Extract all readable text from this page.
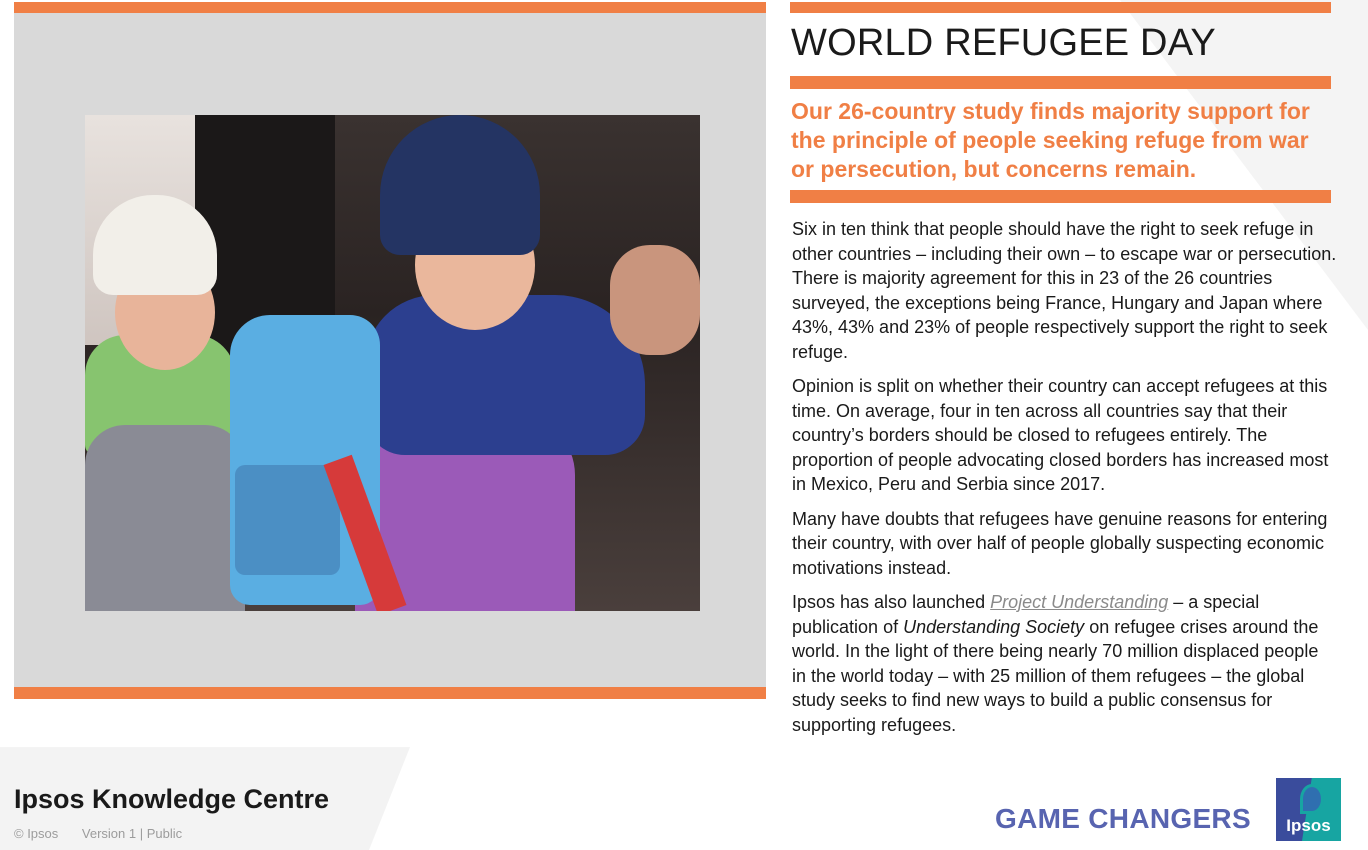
WORLD REFUGEE DAY
Our 26-country study finds majority support for the principle of people seeking refuge from war or persecution, but concerns remain.

Six in ten think that people should have the right to seek refuge in other countries – including their own – to escape war or persecution. There is majority agreement for this in 23 of the 26 countries surveyed, the exceptions being France, Hungary and Japan where 43%, 43% and 23% of people respectively support the right to seek refuge.

Opinion is split on whether their country can accept refugees at this time. On average, four in ten across all countries say that their country’s borders should be closed to refugees entirely. The proportion of people advocating closed borders has increased most in Mexico, Peru and Serbia since 2017.

Many have doubts that refugees have genuine reasons for entering their country, with over half of people globally suspecting economic motivations instead.

Ipsos has also launched Project Understanding – a special publication of Understanding Society on refugee crises around the world. In the light of there being nearly 70 million displaced people in the world today – with 25 million of them refugees – the global study seeks to find new ways to build a public consensus for supporting refugees.

Ipsos Knowledge Centre
© Ipsos Version 1 | Public	GAME CHANGERS	Ipsos
